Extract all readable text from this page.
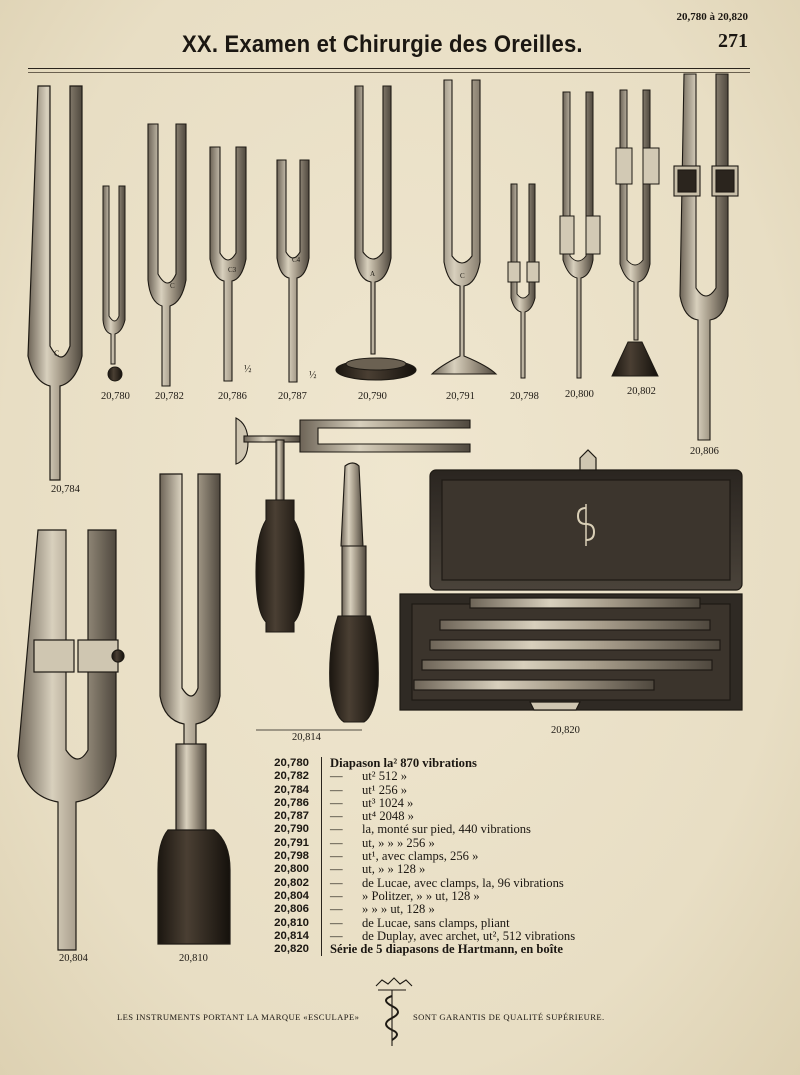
20,780 à 20,820
XX. Examen et Chirurgie des Oreilles.	271
C
C
C3
½
C4
½
A	C
20,780 20,782	20,786	20,787	20,790	20,791	20,798 20,800	20,802
20,806
20,784
20,804	20,810
20,814
20,820
20,780 Diapason la² 870 vibrations
20,782 —	ut² 512 »
20,784 —	ut¹ 256 »
20,786 —	ut³ 1024 »
20,787 —	ut⁴ 2048 »
20,790 —	la, monté sur pied, 440 vibrations
20,791 —	ut, » » » 256 »
20,798 —	ut¹, avec clamps, 256 »
20,800 —	ut, » » 128 »
20,802 —	de Lucae, avec clamps, la, 96 vibrations
20,804 —	» Politzer, » » ut, 128 »
20,806 —	» » » ut, 128 »
20,810 —	de Lucae, sans clamps, pliant
20,814 —	de Duplay, avec archet, ut², 512 vibrations
20,820 Série de 5 diapasons de Hartmann, en boîte
LES INSTRUMENTS PORTANT LA MARQUE «ESCULAPE»	SONT GARANTIS DE QUALITÉ SUPÉRIEURE.
